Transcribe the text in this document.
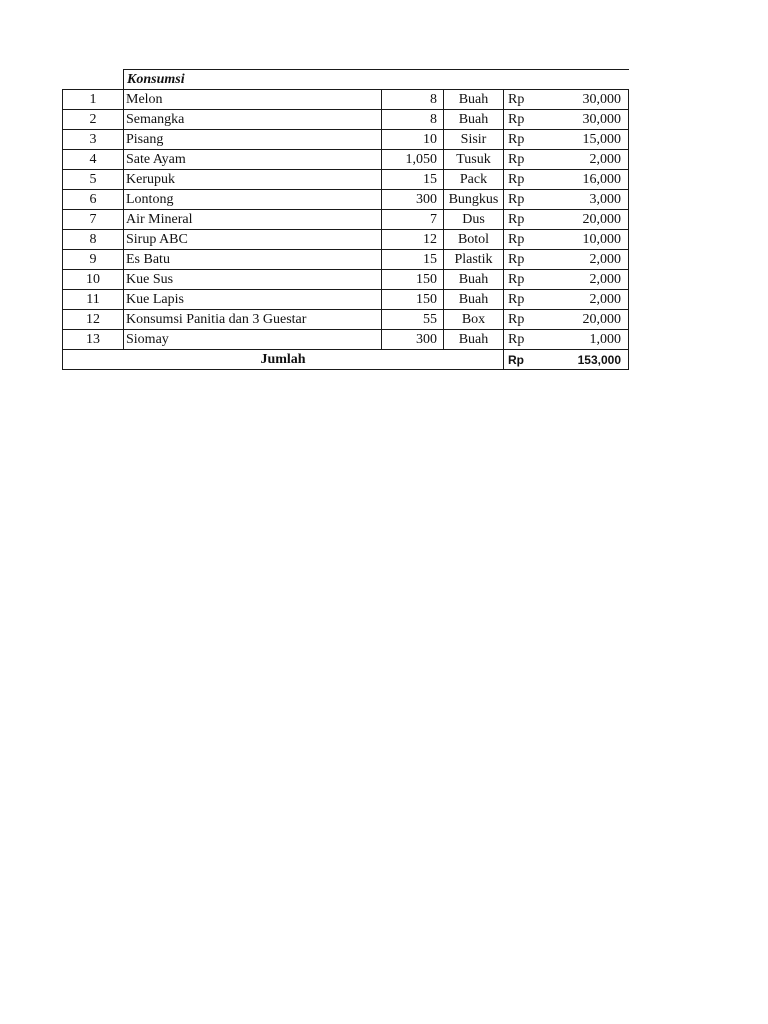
	Konsumsi				
1	Melon	8	Buah	Rp	30,000
2	Semangka	8	Buah	Rp	30,000
3	Pisang	10	Sisir	Rp	15,000
4	Sate Ayam	1,050	Tusuk	Rp	2,000
5	Kerupuk	15	Pack	Rp	16,000
6	Lontong	300	Bungkus	Rp	3,000
7	Air Mineral	7	Dus	Rp	20,000
8	Sirup ABC	12	Botol	Rp	10,000
9	Es Batu	15	Plastik	Rp	2,000
10	Kue Sus	150	Buah	Rp	2,000
11	Kue Lapis	150	Buah	Rp	2,000
12	Konsumsi Panitia dan 3 Guestar	55	Box	Rp	20,000
13	Siomay	300	Buah	Rp	1,000
Jumlah				Rp	153,000
